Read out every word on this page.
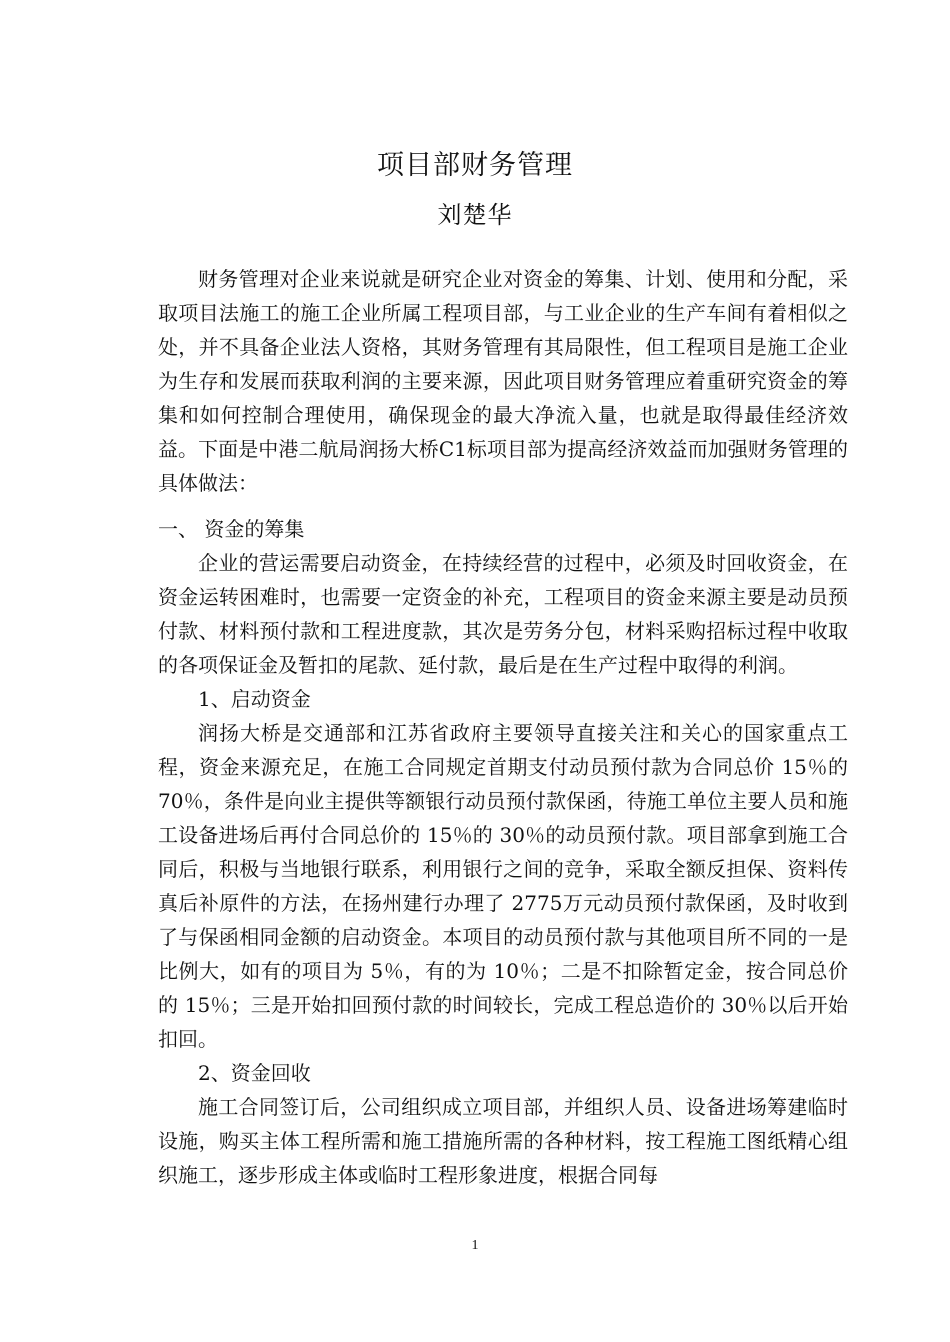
项目部财务管理
刘楚华

财务管理对企业来说就是研究企业对资金的筹集、计划、使用和分配，采取项目法施工的施工企业所属工程项目部，与工业企业的生产车间有着相似之处，并不具备企业法人资格，其财务管理有其局限性，但工程项目是施工企业为生存和发展而获取利润的主要来源，因此项目财务管理应着重研究资金的筹集和如何控制合理使用，确保现金的最大净流入量，也就是取得最佳经济效益。下面是中港二航局润扬大桥C1标项目部为提高经济效益而加强财务管理的具体做法：

一、 资金的筹集

企业的营运需要启动资金，在持续经营的过程中，必须及时回收资金，在资金运转困难时，也需要一定资金的补充，工程项目的资金来源主要是动员预付款、材料预付款和工程进度款，其次是劳务分包，材料采购招标过程中收取的各项保证金及暂扣的尾款、延付款，最后是在生产过程中取得的利润。

1、启动资金

润扬大桥是交通部和江苏省政府主要领导直接关注和关心的国家重点工程，资金来源充足，在施工合同规定首期支付动员预付款为合同总价 15％的 70％，条件是向业主提供等额银行动员预付款保函，待施工单位主要人员和施工设备进场后再付合同总价的 15％的 30％的动员预付款。项目部拿到施工合同后，积极与当地银行联系，利用银行之间的竞争，采取全额反担保、资料传真后补原件的方法，在扬州建行办理了 2775万元动员预付款保函，及时收到了与保函相同金额的启动资金。本项目的动员预付款与其他项目所不同的一是比例大，如有的项目为 5％，有的为 10％；二是不扣除暂定金，按合同总价的 15％；三是开始扣回预付款的时间较长，完成工程总造价的 30％以后开始扣回。

2、资金回收

施工合同签订后，公司组织成立项目部，并组织人员、设备进场筹建临时设施，购买主体工程所需和施工措施所需的各种材料，按工程施工图纸精心组织施工，逐步形成主体或临时工程形象进度，根据合同每

1
